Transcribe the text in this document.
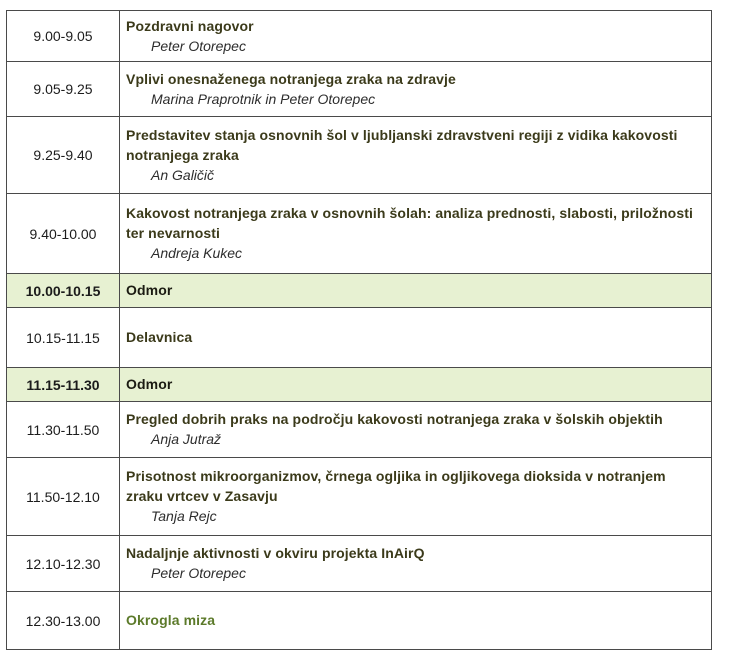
9.00-9.05	Pozdravni nagovor
Peter Otorepec

9.05-9.25	Vplivi onesnaženega notranjega zraka na zdravje
Marina Praprotnik in Peter Otorepec

9.25-9.40	Predstavitev stanja osnovnih šol v ljubljanski zdravstveni regiji z vidika kakovosti notranjega zraka
An Galičič

9.40-10.00	Kakovost notranjega zraka v osnovnih šolah: analiza prednosti, slabosti, priložnosti ter nevarnosti
Andreja Kukec

10.00-10.15	Odmor

10.15-11.15	Delavnica

11.15-11.30	Odmor

11.30-11.50	Pregled dobrih praks na področju kakovosti notranjega zraka v šolskih objektih
Anja Jutraž

11.50-12.10	Prisotnost mikroorganizmov, črnega ogljika in ogljikovega dioksida v notranjem zraku vrtcev v Zasavju
Tanja Rejc

12.10-12.30	Nadaljnje aktivnosti v okviru projekta InAirQ
Peter Otorepec

12.30-13.00	Okrogla miza
